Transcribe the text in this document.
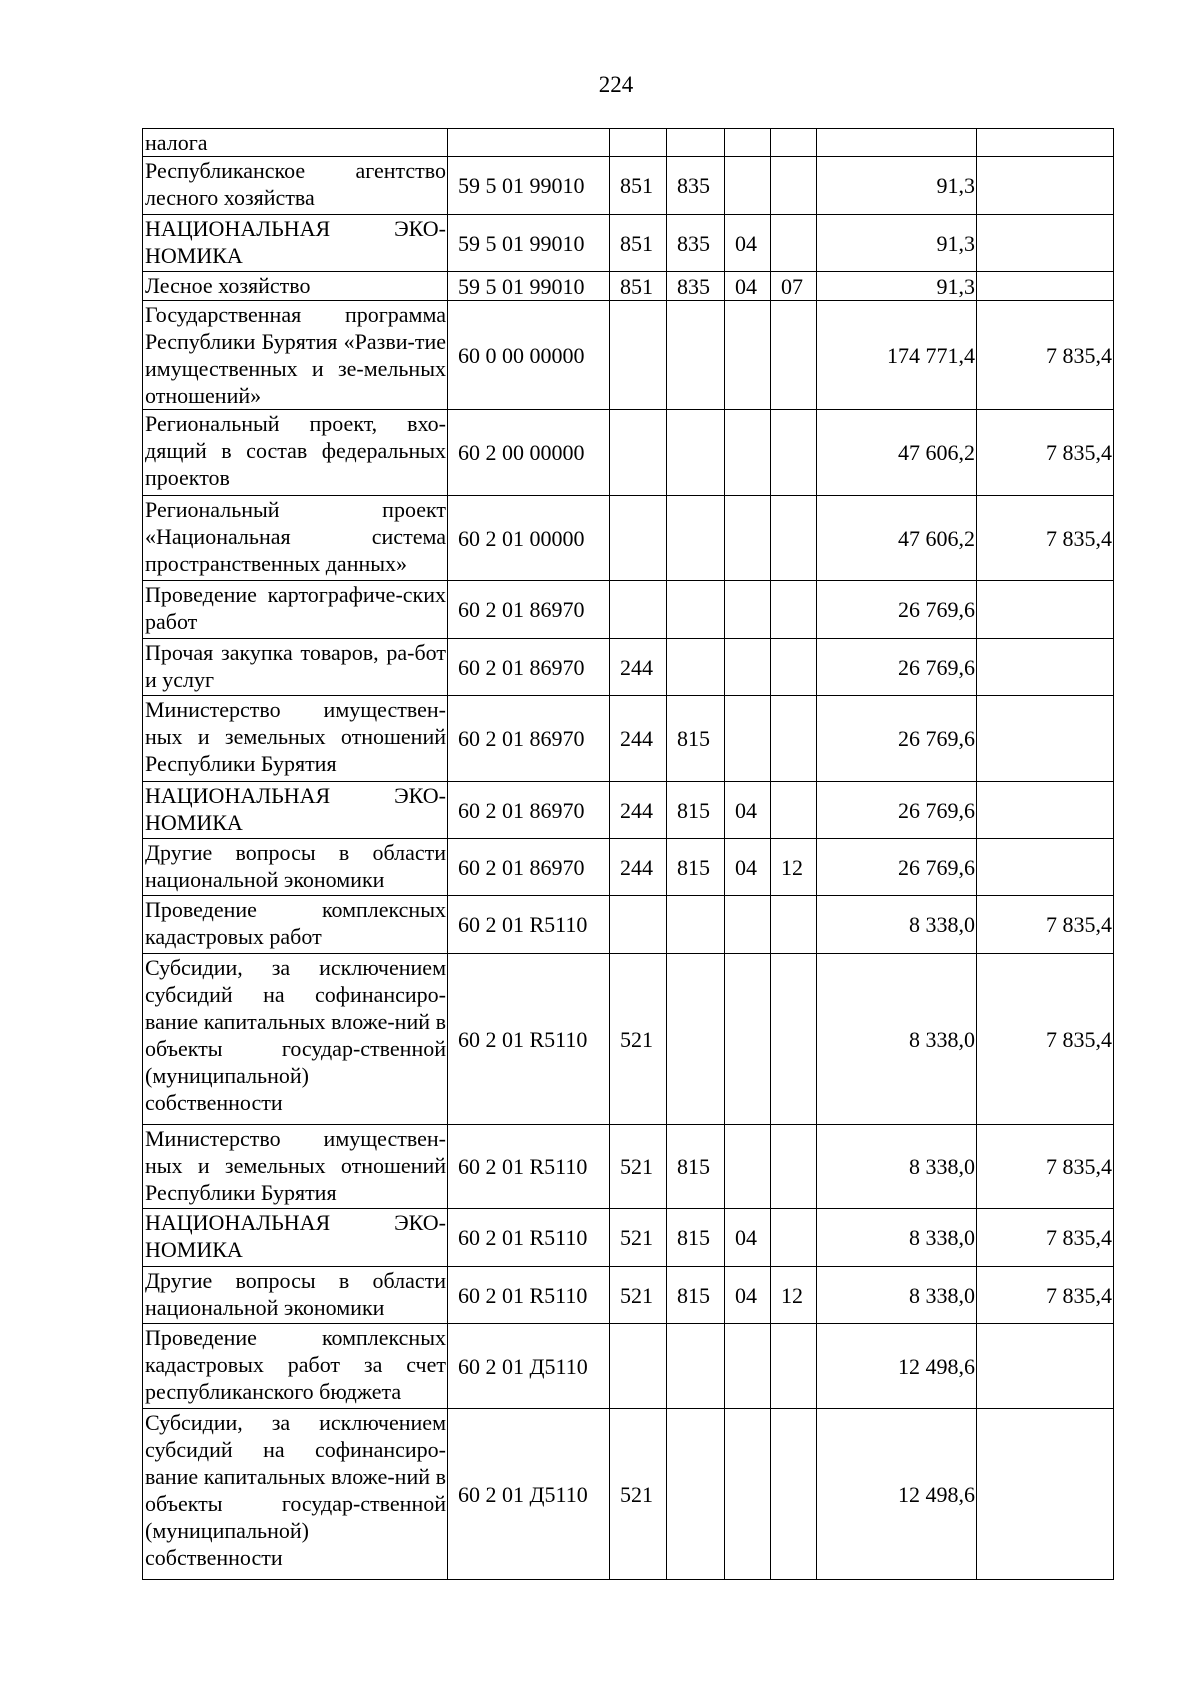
224
налога							
Республиканское агентство лесного хозяйства	59 5 01 99010	851	835			91,3	
НАЦИОНАЛЬНАЯ ЭКО-НОМИКА	59 5 01 99010	851	835	04		91,3	
Лесное хозяйство	59 5 01 99010	851	835	04	07	91,3	
Государственная программа Республики Бурятия «Разви-тие имущественных и зе-мельных отношений»	60 0 00 00000					174 771,4	7 835,4
Региональный проект, вхо-дящий в состав федеральных проектов	60 2 00 00000					47 606,2	7 835,4
Региональный проект «Национальная система пространственных данных»	60 2 01 00000					47 606,2	7 835,4
Проведение картографиче-ских работ	60 2 01 86970					26 769,6	
Прочая закупка товаров, ра-бот и услуг	60 2 01 86970	244				26 769,6	
Министерство имуществен-ных и земельных отношений Республики Бурятия	60 2 01 86970	244	815			26 769,6	
НАЦИОНАЛЬНАЯ ЭКО-НОМИКА	60 2 01 86970	244	815	04		26 769,6	
Другие вопросы в области национальной экономики	60 2 01 86970	244	815	04	12	26 769,6	
Проведение комплексных кадастровых работ	60 2 01 R5110					8 338,0	7 835,4
Субсидии, за исключением субсидий на софинансиро-вание капитальных вложе-ний в объекты государ-ственной (муниципальной) собственности	60 2 01 R5110	521				8 338,0	7 835,4
Министерство имуществен-ных и земельных отношений Республики Бурятия	60 2 01 R5110	521	815			8 338,0	7 835,4
НАЦИОНАЛЬНАЯ ЭКО-НОМИКА	60 2 01 R5110	521	815	04		8 338,0	7 835,4
Другие вопросы в области национальной экономики	60 2 01 R5110	521	815	04	12	8 338,0	7 835,4
Проведение комплексных кадастровых работ за счет республиканского бюджета	60 2 01 Д5110					12 498,6	
Субсидии, за исключением субсидий на софинансиро-вание капитальных вложе-ний в объекты государ-ственной (муниципальной) собственности	60 2 01 Д5110	521				12 498,6	
